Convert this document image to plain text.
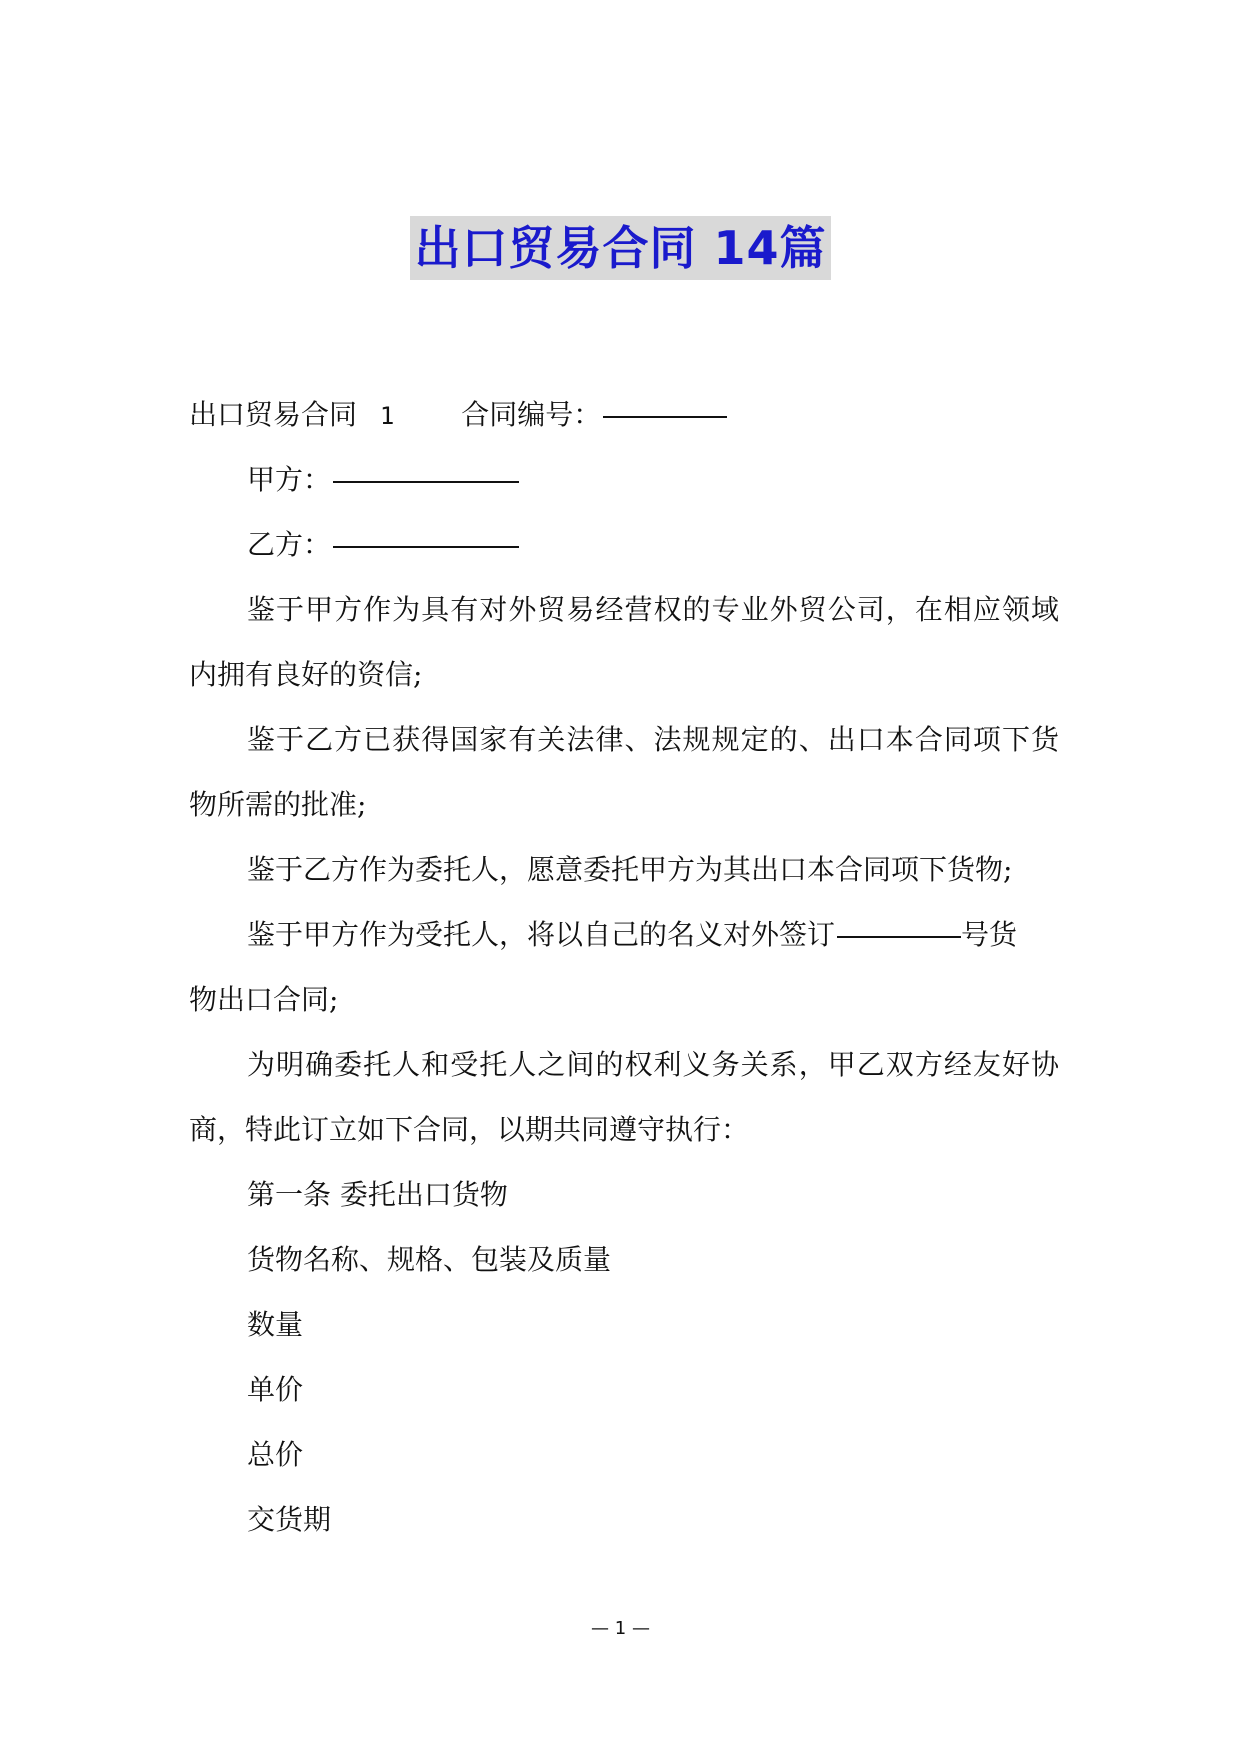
出口贸易合同 14篇
出口贸易合同 1 合同编号：
甲方：
乙方：
鉴于甲方作为具有对外贸易经营权的专业外贸公司，在相应领域
内拥有良好的资信;
鉴于乙方已获得国家有关法律、法规规定的、出口本合同项下货
物所需的批准;
鉴于乙方作为委托人，愿意委托甲方为其出口本合同项下货物;
鉴于甲方作为受托人，将以自己的名义对外签订	号货
物出口合同;
为明确委托人和受托人之间的权利义务关系，甲乙双方经友好协
商，特此订立如下合同，以期共同遵守执行：
第一条 委托出口货物
货物名称、规格、包装及质量
数量
单价
总价
交货期
— 1 —
